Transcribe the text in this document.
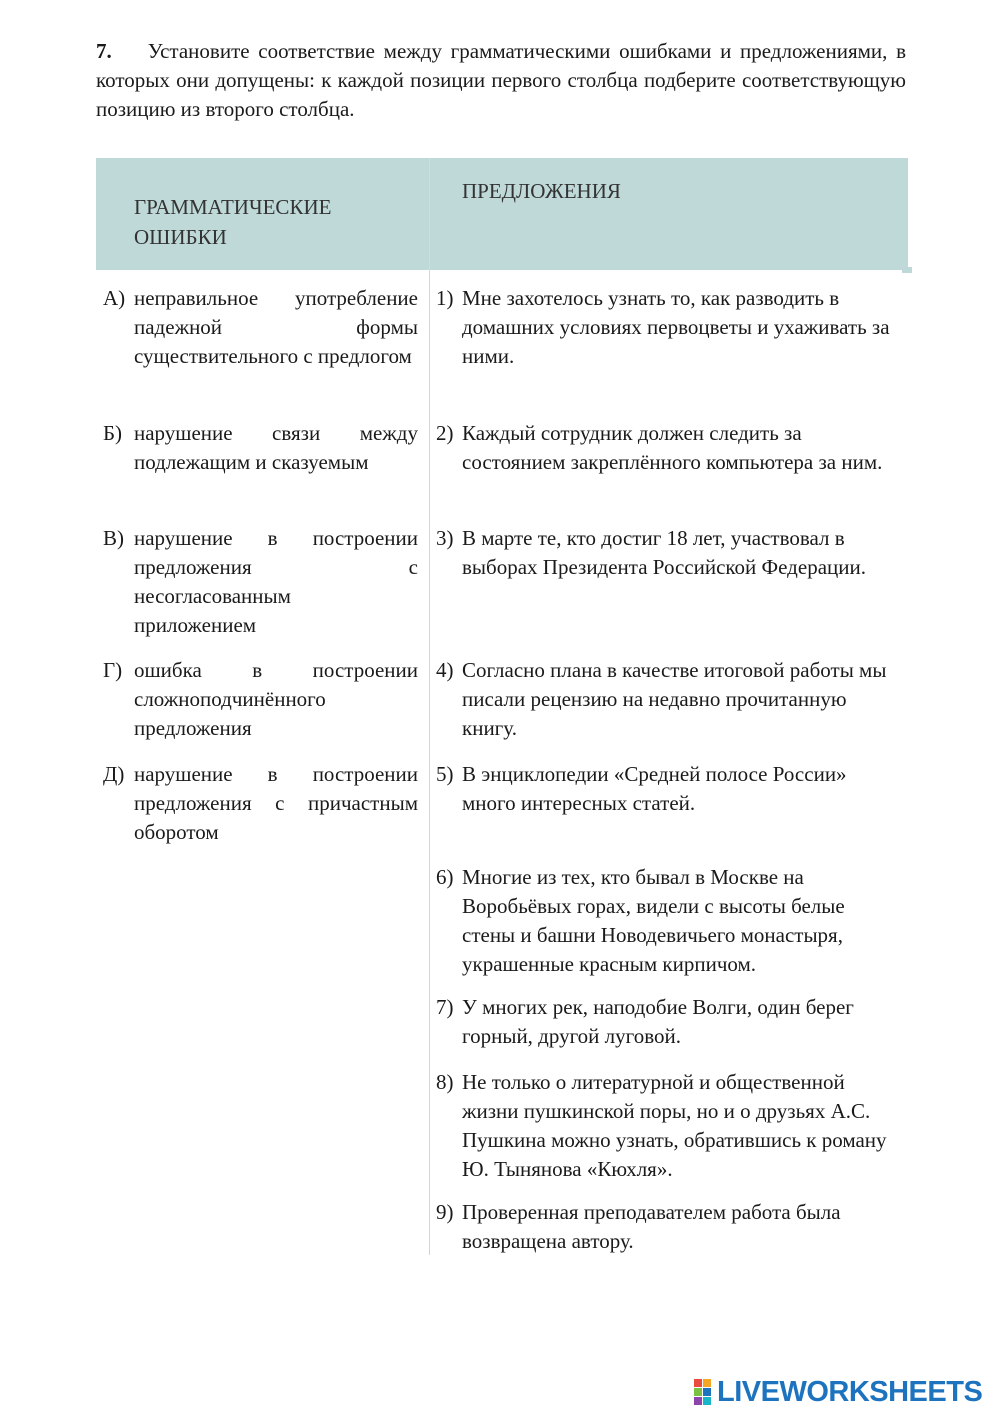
7. Установите соответствие между грамматическими ошибками и предложениями, в которых они допущены: к каждой позиции первого столбца подберите соответствующую позицию из второго столбца.
ГРАММАТИЧЕСКИЕ ОШИБКИ
ПРЕДЛОЖЕНИЯ
А) неправильное употребление падежной формы существительного с предлогом
Б) нарушение связи между подлежащим и сказуемым
В) нарушение в построении предложения с несогласованным приложением
Г) ошибка в построении сложноподчинённого предложения
Д) нарушение в построении предложения с причастным оборотом
1) Мне захотелось узнать то, как разводить в домашних условиях первоцветы и ухаживать за ними.
2) Каждый сотрудник должен следить за состоянием закреплённого компьютера за ним.
3) В марте те, кто достиг 18 лет, участвовал в выборах Президента Российской Федерации.
4) Согласно плана в качестве итоговой работы мы писали рецензию на недавно прочитанную книгу.
5) В энциклопедии «Средней полосе России» много интересных статей.
6) Многие из тех, кто бывал в Москве на Воробьёвых горах, видели с высоты белые стены и башни Новодевичьего монастыря, украшенные красным кирпичом.
7) У многих рек, наподобие Волги, один берег горный, другой луговой.
8) Не только о литературной и общественной жизни пушкинской поры, но и о друзьях А.С. Пушкина можно узнать, обратившись к роману Ю. Тынянова «Кюхля».
9) Проверенная преподавателем работа была возвращена автору.
LIVEWORKSHEETS
